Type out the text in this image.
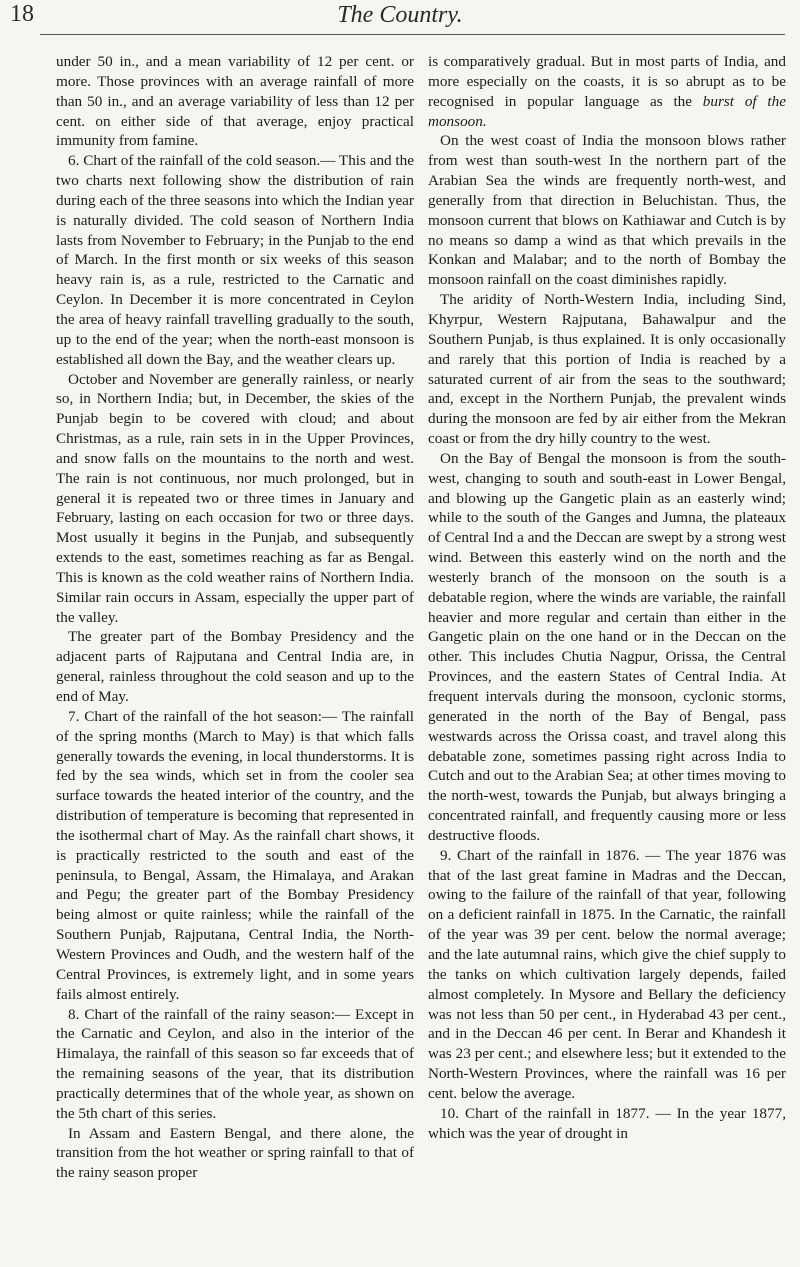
18	The Country.

under 50 in., and a mean variability of 12 per cent. or more. Those provinces with an average rainfall of more than 50 in., and an average variability of less than 12 per cent. on either side of that average, enjoy practical immunity from famine.

6. Chart of the rainfall of the cold season.— This and the two charts next following show the distribution of rain during each of the three seasons into which the Indian year is naturally divided. The cold season of Northern India lasts from November to February; in the Punjab to the end of March. In the first month or six weeks of this season heavy rain is, as a rule, restricted to the Carnatic and Ceylon. In December it is more concentrated in Ceylon the area of heavy rainfall travelling gradually to the south, up to the end of the year; when the north-east monsoon is established all down the Bay, and the weather clears up.

October and November are generally rainless, or nearly so, in Northern India; but, in December, the skies of the Punjab begin to be covered with cloud; and about Christmas, as a rule, rain sets in in the Upper Provinces, and snow falls on the mountains to the north and west. The rain is not continuous, nor much prolonged, but in general it is repeated two or three times in January and February, lasting on each occasion for two or three days. Most usually it begins in the Punjab, and subsequently extends to the east, sometimes reaching as far as Bengal. This is known as the cold weather rains of Northern India. Similar rain occurs in Assam, especially the upper part of the valley.

The greater part of the Bombay Presidency and the adjacent parts of Rajputana and Central India are, in general, rainless throughout the cold season and up to the end of May.

7. Chart of the rainfall of the hot season:— The rainfall of the spring months (March to May) is that which falls generally towards the evening, in local thunderstorms. It is fed by the sea winds, which set in from the cooler sea surface towards the heated interior of the country, and the distribution of temperature is becoming that represented in the isothermal chart of May. As the rainfall chart shows, it is practically restricted to the south and east of the peninsula, to Bengal, Assam, the Himalaya, and Arakan and Pegu; the greater part of the Bombay Presidency being almost or quite rainless; while the rainfall of the Southern Punjab, Rajputana, Central India, the North-Western Provinces and Oudh, and the western half of the Central Provinces, is extremely light, and in some years fails almost entirely.

8. Chart of the rainfall of the rainy season:— Except in the Carnatic and Ceylon, and also in the interior of the Himalaya, the rainfall of this season so far exceeds that of the remaining seasons of the year, that its distribution practically determines that of the whole year, as shown on the 5th chart of this series.

In Assam and Eastern Bengal, and there alone, the transition from the hot weather or spring rainfall to that of the rainy season proper

is comparatively gradual. But in most parts of India, and more especially on the coasts, it is so abrupt as to be recognised in popular language as the burst of the monsoon.

On the west coast of India the monsoon blows rather from west than south-west In the northern part of the Arabian Sea the winds are frequently north-west, and generally from that direction in Beluchistan. Thus, the monsoon current that blows on Kathiawar and Cutch is by no means so damp a wind as that which prevails in the Konkan and Malabar; and to the north of Bombay the monsoon rainfall on the coast diminishes rapidly.

The aridity of North-Western India, including Sind, Khyrpur, Western Rajputana, Bahawalpur and the Southern Punjab, is thus explained. It is only occasionally and rarely that this portion of India is reached by a saturated current of air from the seas to the southward; and, except in the Northern Punjab, the prevalent winds during the monsoon are fed by air either from the Mekran coast or from the dry hilly country to the west.

On the Bay of Bengal the monsoon is from the south-west, changing to south and south-east in Lower Bengal, and blowing up the Gangetic plain as an easterly wind; while to the south of the Ganges and Jumna, the plateaux of Central Ind a and the Deccan are swept by a strong west wind. Between this easterly wind on the north and the westerly branch of the monsoon on the south is a debatable region, where the winds are variable, the rainfall heavier and more regular and certain than either in the Gangetic plain on the one hand or in the Deccan on the other. This includes Chutia Nagpur, Orissa, the Central Provinces, and the eastern States of Central India. At frequent intervals during the monsoon, cyclonic storms, generated in the north of the Bay of Bengal, pass westwards across the Orissa coast, and travel along this debatable zone, sometimes passing right across India to Cutch and out to the Arabian Sea; at other times moving to the north-west, towards the Punjab, but always bringing a concentrated rainfall, and frequently causing more or less destructive floods.

9. Chart of the rainfall in 1876. — The year 1876 was that of the last great famine in Madras and the Deccan, owing to the failure of the rainfall of that year, following on a deficient rainfall in 1875. In the Carnatic, the rainfall of the year was 39 per cent. below the normal average; and the late autumnal rains, which give the chief supply to the tanks on which cultivation largely depends, failed almost completely. In Mysore and Bellary the deficiency was not less than 50 per cent., in Hyderabad 43 per cent., and in the Deccan 46 per cent. In Berar and Khandesh it was 23 per cent.; and elsewhere less; but it extended to the North-Western Provinces, where the rainfall was 16 per cent. below the average.

10. Chart of the rainfall in 1877. — In the year 1877, which was the year of drought in
